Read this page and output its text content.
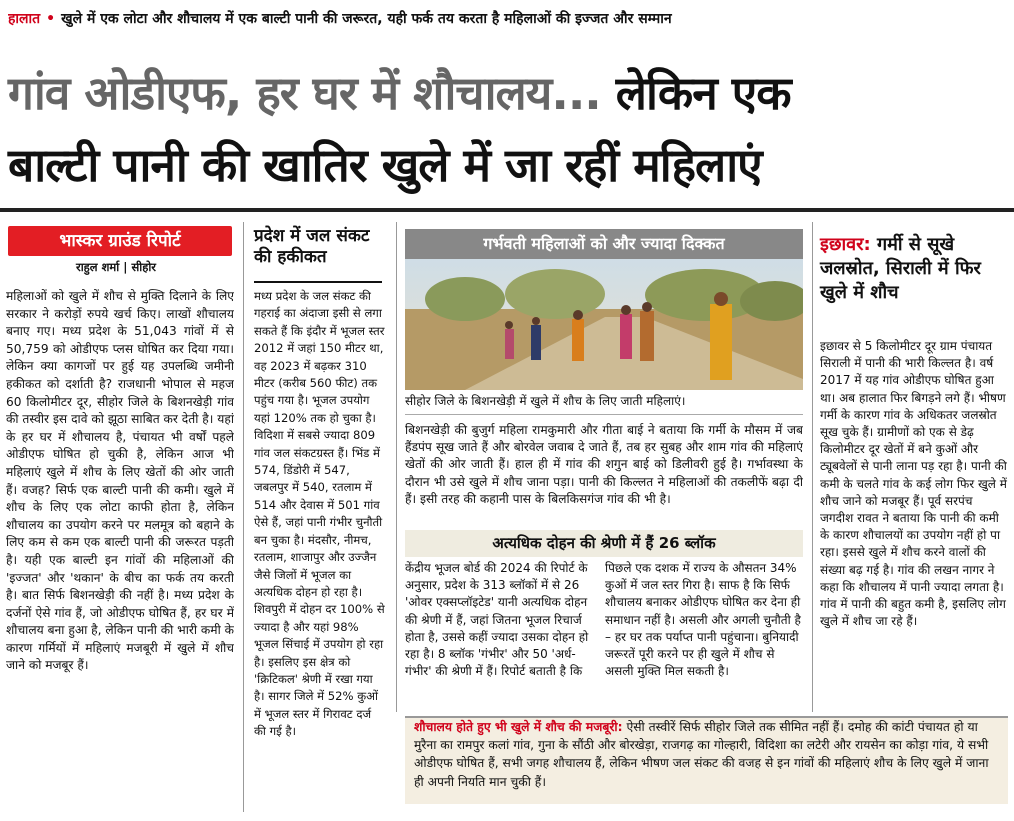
हालात • खुले में एक लोटा और शौचालय में एक बाल्टी पानी की जरूरत, यही फर्क तय करता है महिलाओं की इज्जत और सम्मान
गांव ओडीएफ, हर घर में शौचालय... लेकिन एक
बाल्टी पानी की खातिर खुले में जा रहीं महिलाएं
भास्कर ग्राउंड रिपोर्ट
राहुल शर्मा | सीहोर
महिलाओं को खुले में शौच से मुक्ति दिलाने के लिए सरकार ने करोड़ों रुपये खर्च किए। लाखों शौचालय बनाए गए। मध्य प्रदेश के 51,043 गांवों में से 50,759 को ओडीएफ प्लस घोषित कर दिया गया। लेकिन क्या कागजों पर हुई यह उपलब्धि जमीनी हकीकत को दर्शाती है? राजधानी भोपाल से महज 60 किलोमीटर दूर, सीहोर जिले के बिशनखेड़ी गांव की तस्वीर इस दावे को झूठा साबित कर देती है। यहां के हर घर में शौचालय है, पंचायत भी वर्षों पहले ओडीएफ घोषित हो चुकी है, लेकिन आज भी महिलाएं खुले में शौच के लिए खेतों की ओर जाती हैं। वजह? सिर्फ एक बाल्टी पानी की कमी। खुले में शौच के लिए एक लोटा काफी होता है, लेकिन शौचालय का उपयोग करने पर मलमूत्र को बहाने के लिए कम से कम एक बाल्टी पानी की जरूरत पड़ती है। यही एक बाल्टी इन गांवों की महिलाओं की 'इज्जत' और 'थकान' के बीच का फर्क तय करती है। बात सिर्फ बिशनखेड़ी की नहीं है। मध्य प्रदेश के दर्जनों ऐसे गांव हैं, जो ओडीएफ घोषित हैं, हर घर में शौचालय बना हुआ है, लेकिन पानी की भारी कमी के कारण गर्मियों में महिलाएं मजबूरी में खुले में शौच जाने को मजबूर हैं।
प्रदेश में जल संकट की हकीकत
मध्य प्रदेश के जल संकट की गहराई का अंदाजा इसी से लगा सकते हैं कि इंदौर में भूजल स्तर 2012 में जहां 150 मीटर था, वह 2023 में बढ़कर 310 मीटर (करीब 560 फीट) तक पहुंच गया है। भूजल उपयोग यहां 120% तक हो चुका है। विदिशा में सबसे ज्यादा 809 गांव जल संकटग्रस्त हैं। भिंड में 574, डिंडोरी में 547, जबलपुर में 540, रतलाम में 514 और देवास में 501 गांव ऐसे हैं, जहां पानी गंभीर चुनौती बन चुका है। मंदसौर, नीमच, रतलाम, शाजापुर और उज्जैन जैसे जिलों में भूजल का अत्यधिक दोहन हो रहा है। शिवपुरी में दोहन दर 100% से ज्यादा है और यहां 98% भूजल सिंचाई में उपयोग हो रहा है। इसलिए इस क्षेत्र को 'क्रिटिकल' श्रेणी में रखा गया है। सागर जिले में 52% कुओं में भूजल स्तर में गिरावट दर्ज की गई है।
गर्भवती महिलाओं को और ज्यादा दिक्कत
सीहोर जिले के बिशनखेड़ी में खुले में शौच के लिए जाती महिलाएं।
बिशनखेड़ी की बुजुर्ग महिला रामकुमारी और गीता बाई ने बताया कि गर्मी के मौसम में जब हैंडपंप सूख जाते हैं और बोरवेल जवाब दे जाते हैं, तब हर सुबह और शाम गांव की महिलाएं खेतों की ओर जाती हैं। हाल ही में गांव की शगुन बाई को डिलीवरी हुई है। गर्भावस्था के दौरान भी उसे खुले में शौच जाना पड़ा। पानी की किल्लत ने महिलाओं की तकलीफें बढ़ा दी हैं। इसी तरह की कहानी पास के बिलकिसगंज गांव की भी है।
अत्यधिक दोहन की श्रेणी में हैं 26 ब्लॉक
केंद्रीय भूजल बोर्ड की 2024 की रिपोर्ट के अनुसार, प्रदेश के 313 ब्लॉकों में से 26 'ओवर एक्सप्लॉइटेड' यानी अत्यधिक दोहन की श्रेणी में हैं, जहां जितना भूजल रिचार्ज होता है, उससे कहीं ज्यादा उसका दोहन हो रहा है। 8 ब्लॉक 'गंभीर' और 50 'अर्ध-गंभीर' की श्रेणी में हैं। रिपोर्ट बताती है कि
पिछले एक दशक में राज्य के औसतन 34% कुओं में जल स्तर गिरा है। साफ है कि सिर्फ शौचालय बनाकर ओडीएफ घोषित कर देना ही समाधान नहीं है। असली और अगली चुनौती है – हर घर तक पर्याप्त पानी पहुंचाना। बुनियादी जरूरतें पूरी करने पर ही खुले में शौच से असली मुक्ति मिल सकती है।
इछावर: गर्मी से सूखे जलस्रोत, सिराली में फिर खुले में शौच
इछावर से 5 किलोमीटर दूर ग्राम पंचायत सिराली में पानी की भारी किल्लत है। वर्ष 2017 में यह गांव ओडीएफ घोषित हुआ था। अब हालात फिर बिगड़ने लगे हैं। भीषण गर्मी के कारण गांव के अधिकतर जलस्रोत सूख चुके हैं। ग्रामीणों को एक से डेढ़ किलोमीटर दूर खेतों में बने कुओं और ट्यूबवेलों से पानी लाना पड़ रहा है। पानी की कमी के चलते गांव के कई लोग फिर खुले में शौच जाने को मजबूर हैं। पूर्व सरपंच जगदीश रावत ने बताया कि पानी की कमी के कारण शौचालयों का उपयोग नहीं हो पा रहा। इससे खुले में शौच करने वालों की संख्या बढ़ गई है। गांव की लखन नागर ने कहा कि शौचालय में पानी ज्यादा लगता है। गांव में पानी की बहुत कमी है, इसलिए लोग खुले में शौच जा रहे हैं।
शौचालय होते हुए भी खुले में शौच की मजबूरी: ऐसी तस्वीरें सिर्फ सीहोर जिले तक सीमित नहीं हैं। दमोह की कांटी पंचायत हो या मुरैना का रामपुर कलां गांव, गुना के सौंठी और बोरखेड़ा, राजगढ़ का गोल्हारी, विदिशा का लटेरी और रायसेन का कोड़ा गांव, ये सभी ओडीएफ घोषित हैं, सभी जगह शौचालय हैं, लेकिन भीषण जल संकट की वजह से इन गांवों की महिलाएं शौच के लिए खुले में जाना ही अपनी नियति मान चुकी हैं।
